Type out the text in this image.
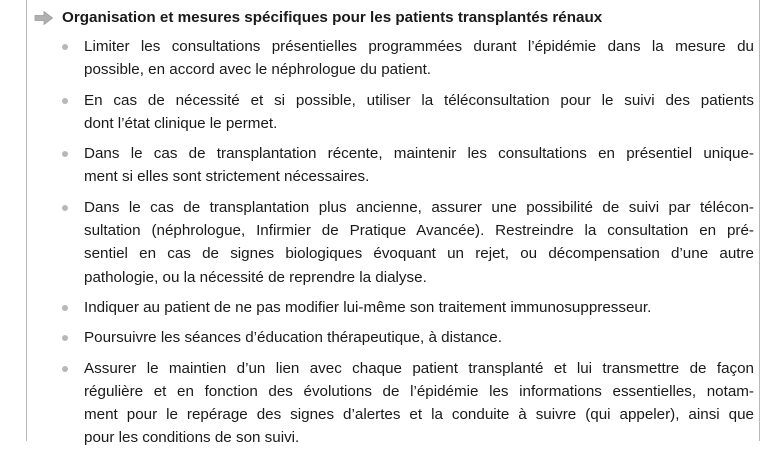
Organisation et mesures spécifiques pour les patients transplantés rénaux
Limiter les consultations présentielles programmées durant l’épidémie dans la mesure du
possible, en accord avec le néphrologue du patient.
En cas de nécessité et si possible, utiliser la téléconsultation pour le suivi des patients
dont l’état clinique le permet.
Dans le cas de transplantation récente, maintenir les consultations en présentiel unique-
ment si elles sont strictement nécessaires.
Dans le cas de transplantation plus ancienne, assurer une possibilité de suivi par télécon-
sultation (néphrologue, Infirmier de Pratique Avancée). Restreindre la consultation en pré-
sentiel en cas de signes biologiques évoquant un rejet, ou décompensation d’une autre
pathologie, ou la nécessité de reprendre la dialyse.
Indiquer au patient de ne pas modifier lui-même son traitement immunosuppresseur.
Poursuivre les séances d’éducation thérapeutique, à distance.
Assurer le maintien d’un lien avec chaque patient transplanté et lui transmettre de façon
régulière et en fonction des évolutions de l’épidémie les informations essentielles, notam-
ment pour le repérage des signes d’alertes et la conduite à suivre (qui appeler), ainsi que
pour les conditions de son suivi.
